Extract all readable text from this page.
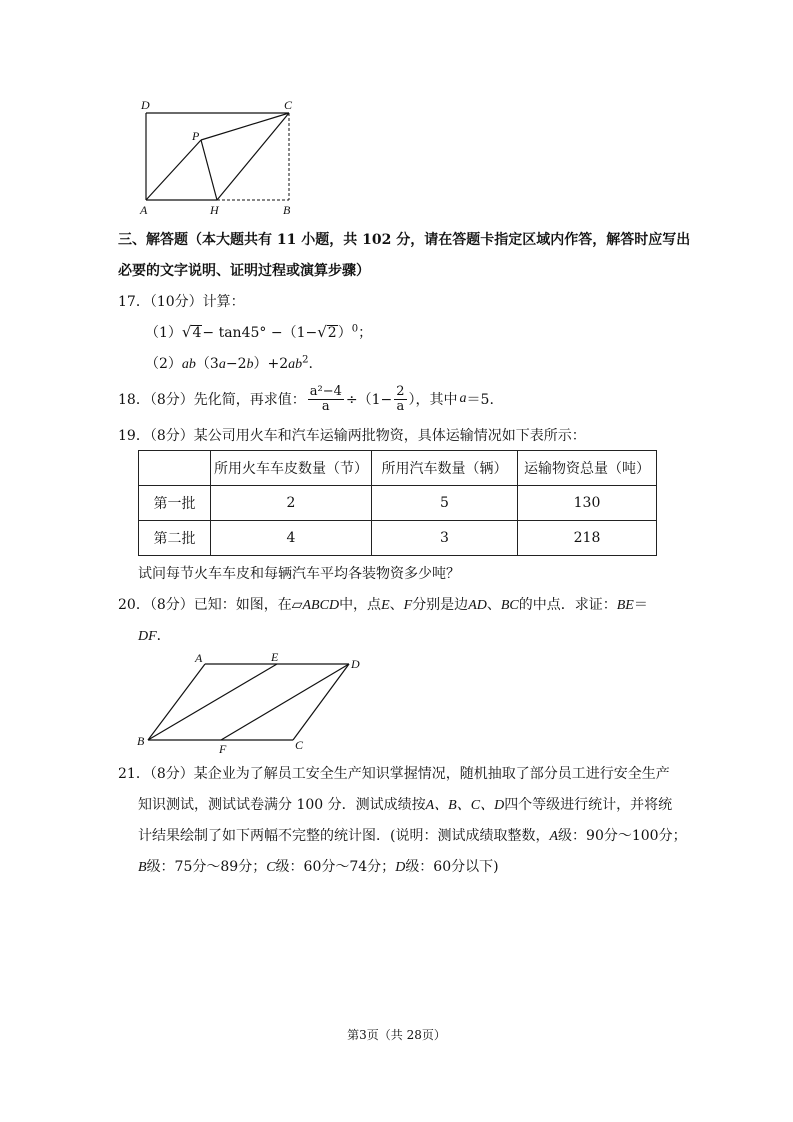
D	C
P
A	H	B
三、解答题（本大题共有 11 小题，共 102 分，请在答题卡指定区域内作答，解答时应写出
必要的文字说明、证明过程或演算步骤）
17．（10分）计算：
$(1)√4- \tan 45^\circ -(1-√2)^0$；
$(2)ab(3a-2b)+2ab^2$.
18．（8分）先化简，再求值： $\frac{\text{a²−4}}{a} \div(1- \frac{2}{a}$ ），其中 a ＝5.
19．（8分）某公司用火车和汽车运输两批物资，具体运输情况如下表所示：
	所用火车车皮数量（节）	所用汽车数量（辆）	运输物资总量（吨）
第一批	2	5	130
第二批	4	3	218
试问每节火车车皮和每辆汽车平均各装物资多少吨？
20．（8分）已知：如图，在▱ABCD中，点E、F分别是边AD、BC的中点．求证：BE＝
DF．
A	E	D
B
F	C
21．（8分）某企业为了解员工安全生产知识掌握情况，随机抽取了部分员工进行安全生产
知识测试，测试试卷满分 100 分．测试成绩按A、B、C、D四个等级进行统计，并将统
计结果绘制了如下两幅不完整的统计图．(说明：测试成绩取整数，A级：90分～100分；
B级：75分～89分；C级：60分～74分；D级：60分以下)
第3页（共 28页）
